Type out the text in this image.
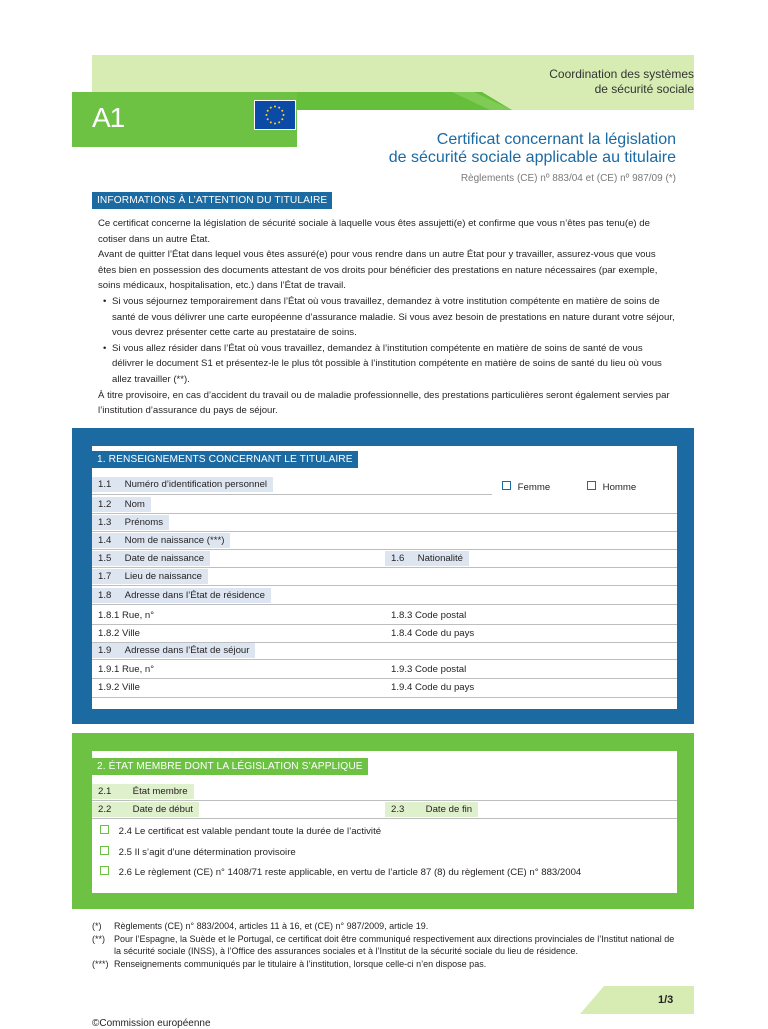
Coordination des systèmes
de sécurité sociale
A1
Certificat concernant la législation
de sécurité sociale applicable au titulaire
Règlements (CE) nº 883/04 et (CE) nº 987/09 (*)
INFORMATIONS À L’ATTENTION DU TITULAIRE

Ce certificat concerne la législation de sécurité sociale à laquelle vous êtes assujetti(e) et confirme que vous n’êtes pas tenu(e) de cotiser dans un autre État.

Avant de quitter l’État dans lequel vous êtes assuré(e) pour vous rendre dans un autre État pour y travailler, assurez-vous que vous êtes bien en possession des documents attestant de vos droits pour bénéficier des prestations en nature nécessaires (par exemple, soins médicaux, hospitalisation, etc.) dans l’État de travail.

• Si vous séjournez temporairement dans l’État où vous travaillez, demandez à votre institution compétente en matière de soins de santé de vous délivrer une carte européenne d’assurance maladie. Si vous avez besoin de prestations en nature durant votre séjour, vous devrez présenter cette carte au prestataire de soins.
• Si vous allez résider dans l’État où vous travaillez, demandez à l’institution compétente en matière de soins de santé de vous délivrer le document S1 et présentez-le le plus tôt possible à l’institution compétente en matière de soins de santé du lieu où vous allez travailler (**).

À titre provisoire, en cas d’accident du travail ou de maladie professionnelle, des prestations particulières seront également servies par l’institution d’assurance du pays de séjour.

1. RENSEIGNEMENTS CONCERNANT LE TITULAIRE
1.1 Numéro d’identification personnel	Femme	Homme
1.2 Nom
1.3 Prénoms
1.4 Nom de naissance (***)
1.5 Date de naissance	1.6 Nationalité
1.7 Lieu de naissance
1.8 Adresse dans l’État de résidence
1.8.1 Rue, n°	1.8.3 Code postal
1.8.2 Ville	1.8.4 Code du pays
1.9 Adresse dans l’État de séjour
1.9.1 Rue, n°	1.9.3 Code postal
1.9.2 Ville	1.9.4 Code du pays
2. ÉTAT MEMBRE DONT LA LÉGISLATION S’APPLIQUE
2.1 État membre
2.2 Date de début	2.3 Date de fin
2.4 Le certificat est valable pendant toute la durée de l’activité
2.5 Il s’agit d’une détermination provisoire
2.6 Le règlement (CE) n° 1408/71 reste applicable, en vertu de l’article 87 (8) du règlement (CE) n° 883/2004
(*)	Règlements (CE) n° 883/2004, articles 11 à 16, et (CE) n° 987/2009, article 19.
(**)	Pour l’Espagne, la Suède et le Portugal, ce certificat doit être communiqué respectivement aux directions provinciales de l’Institut national de la sécurité sociale (INSS), à l’Office des assurances sociales et à l’Institut de la sécurité sociale du lieu de résidence.
(***) Renseignements communiqués par le titulaire à l’institution, lorsque celle-ci n’en dispose pas.
1/3
©Commission européenne
